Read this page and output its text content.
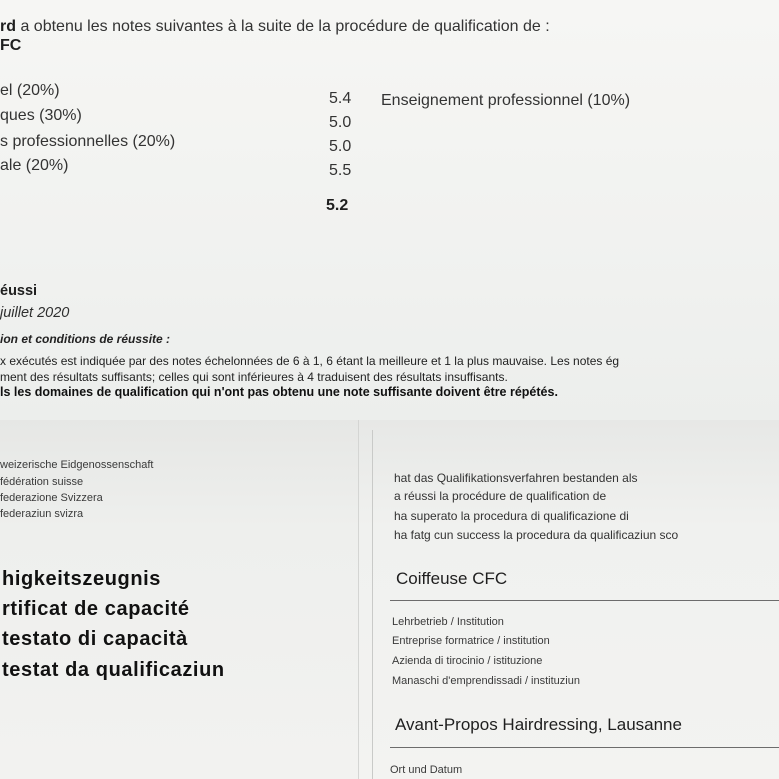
rd a obtenu les notes suivantes à la suite de la procédure de qualification de :
FC
el (20%)
ques (30%)
s professionnelles (20%)
ale (20%)
5.4
5.0
5.0
5.5
Enseignement professionnel (10%)
5.2
éussi
juillet 2020
ion et conditions de réussite :
x exécutés est indiquée par des notes échelonnées de 6 à 1, 6 étant la meilleure et 1 la plus mauvaise. Les notes ég
ment des résultats suffisants; celles qui sont inférieures à 4 traduisent des résultats insuffisants.
ls les domaines de qualification qui n'ont pas obtenu une note suffisante doivent être répétés.
weizerische Eidgenossenschaft
fédération suisse
federazione Svizzera
federaziun svizra
higkeitszeugnis
rtificat de capacité
testato di capacità
testat da qualificaziun
hat das Qualifikationsverfahren bestanden als
a réussi la procédure de qualification de
ha superato la procedura di qualificazione di
ha fatg cun success la procedura da qualificaziun sco
Coiffeuse CFC
Lehrbetrieb / Institution
Entreprise formatrice / institution
Azienda di tirocinio / istituzione
Manaschi d'emprendissadi / instituziun
Avant-Propos Hairdressing, Lausanne
Ort und Datum
